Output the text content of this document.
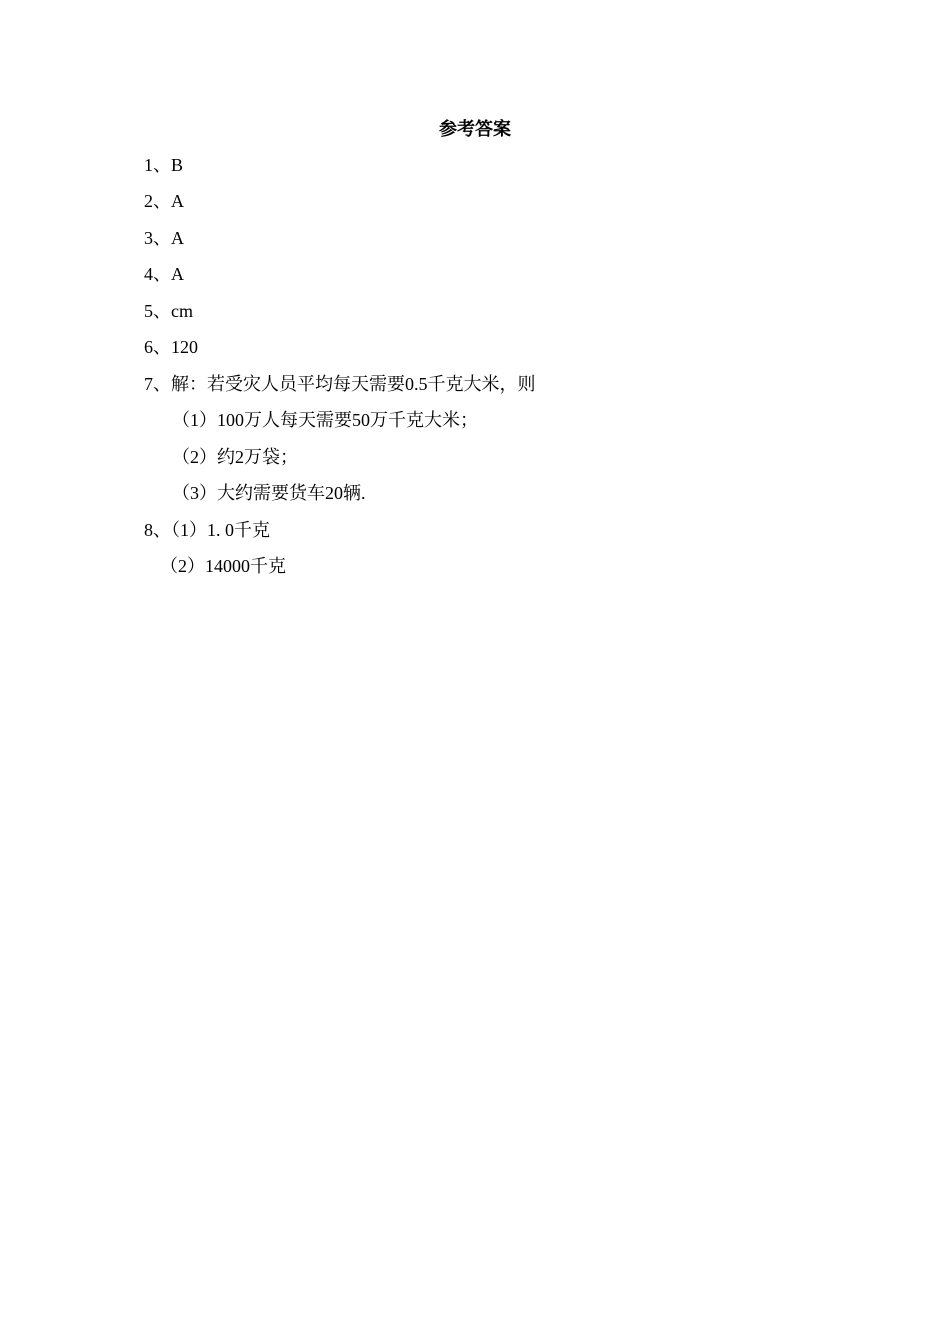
参考答案
1、B
2、A
3、A
4、A
5、cm
6、120
7、解：若受灾人员平均每天需要0.5千克大米，则
（1）100万人每天需要50万千克大米；
（2）约2万袋；
（3）大约需要货车20辆.
8、（1）1. 0千克
（2）14000千克
